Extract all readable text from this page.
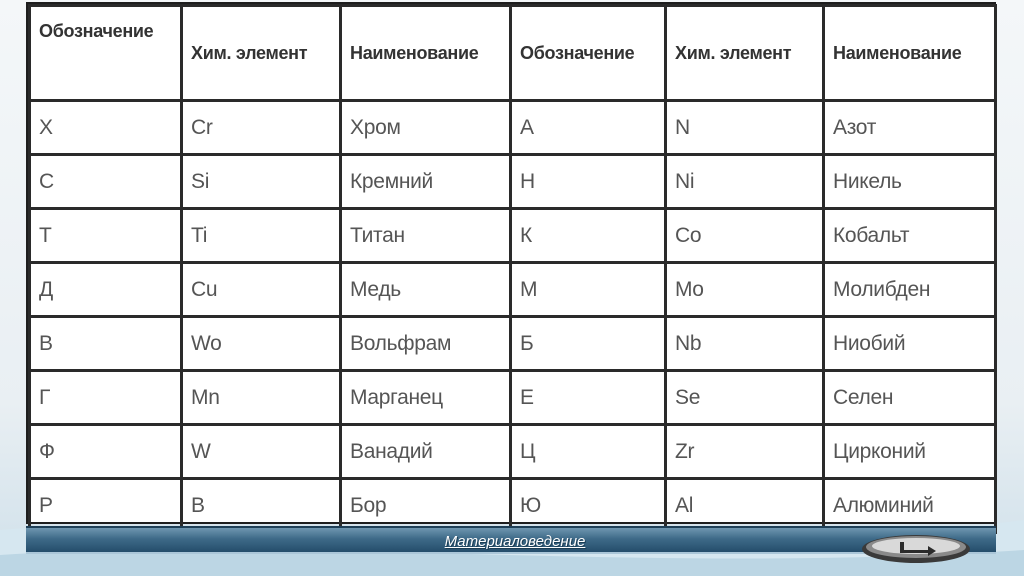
Обозначение	Хим. элемент	Наименование	Обозначение	Хим. элемент	Наименование
Х	Cr	Хром	А	N	Азот
С	Si	Кремний	Н	Ni	Никель
Т	Ti	Титан	К	Co	Кобальт
Д	Cu	Медь	М	Mo	Молибден
В	Wo	Вольфрам	Б	Nb	Ниобий
Г	Mn	Марганец	Е	Se	Селен
Ф	W	Ванадий	Ц	Zr	Цирконий
Р	В	Бор	Ю	Al	Алюминий
Материаловедение
